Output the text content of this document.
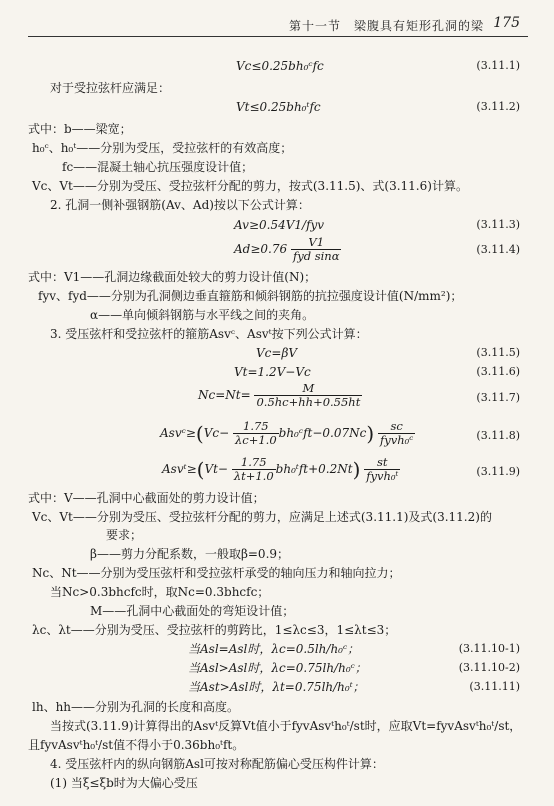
第十一节　梁腹具有矩形孔洞的梁 175
Vc≤0.25bh₀ᶜfc	(3.11.1)
对于受拉弦杆应满足：
Vt≤0.25bh₀ᵗfc	(3.11.2)
式中：b——梁宽；
h₀ᶜ、h₀ᵗ——分别为受压，受拉弦杆的有效高度；
fc——混凝土轴心抗压强度设计值；
Vc、Vt——分别为受压、受拉弦杆分配的剪力，按式(3.11.5)、式(3.11.6)计算。
2. 孔洞一侧补强钢筋(Av、Ad)按以下公式计算：
Av≥0.54V1/fyv	(3.11.3)
$Ad\ge 0.76 \frac{V1}{\text{fyd sinα}}$	(3.11.4)
式中：V1——孔洞边缘截面处较大的剪力设计值(N)；
fyv、fyd——分别为孔洞侧边垂直箍筋和倾斜钢筋的抗拉强度设计值(N/mm²)；
α——单向倾斜钢筋与水平线之间的夹角。
3. 受压弦杆和受拉弦杆的箍筋Asvᶜ、Asvᵗ按下列公式计算：
Vc=βV	(3.11.5)
Vt=1.2V−Vc	(3.11.6)
$Nc=Nt= \frac{M}{0.5hc+hh+0.55ht}$	(3.11.7)
Asvᶜ≥(Vc− $\frac{1.75}{\lambda c+1.0}$ bh₀ᶜft−0.07Nc) $\frac{sc}{\text{fyvh₀ᶜ}}$	(3.11.8)
Asvᵗ≥(Vt− $\frac{1.75}{\lambda t+1.0}$ bh₀ᵗft+0.2Nt) $\frac{st}{\text{fyvh₀ᵗ}}$	(3.11.9)
式中：V——孔洞中心截面处的剪力设计值；
Vc、Vt——分别为受压、受拉弦杆分配的剪力，应满足上述式(3.11.1)及式(3.11.2)的
要求；
β——剪力分配系数，一般取β=0.9；
Nc、Nt——分别为受压弦杆和受拉弦杆承受的轴向压力和轴向拉力；
当Nc>0.3bhcfc时，取Nc=0.3bhcfc；
M——孔洞中心截面处的弯矩设计值；
λc、λt——分别为受压、受拉弦杆的剪跨比，1≤λc≤3，1≤λt≤3；
当Asl=Asl时，λc=0.5lh/h₀ᶜ；	(3.11.10-1)
当Asl>Asl时，λc=0.75lh/h₀ᶜ；	(3.11.10-2)
当Ast>Asl时，λt=0.75lh/h₀ᵗ；	(3.11.11)
lh、hh——分别为孔洞的长度和高度。
当按式(3.11.9)计算得出的Asvᵗ反算Vt值小于fyvAsvᵗh₀ᵗ/st时，应取Vt=fyvAsvᵗh₀ᵗ/st，
且fyvAsvᵗh₀ᵗ/st值不得小于0.36bh₀ᵗft。
4. 受压弦杆内的纵向钢筋Asl可按对称配筋偏心受压构件计算：
(1) 当ξ≤ξb时为大偏心受压
